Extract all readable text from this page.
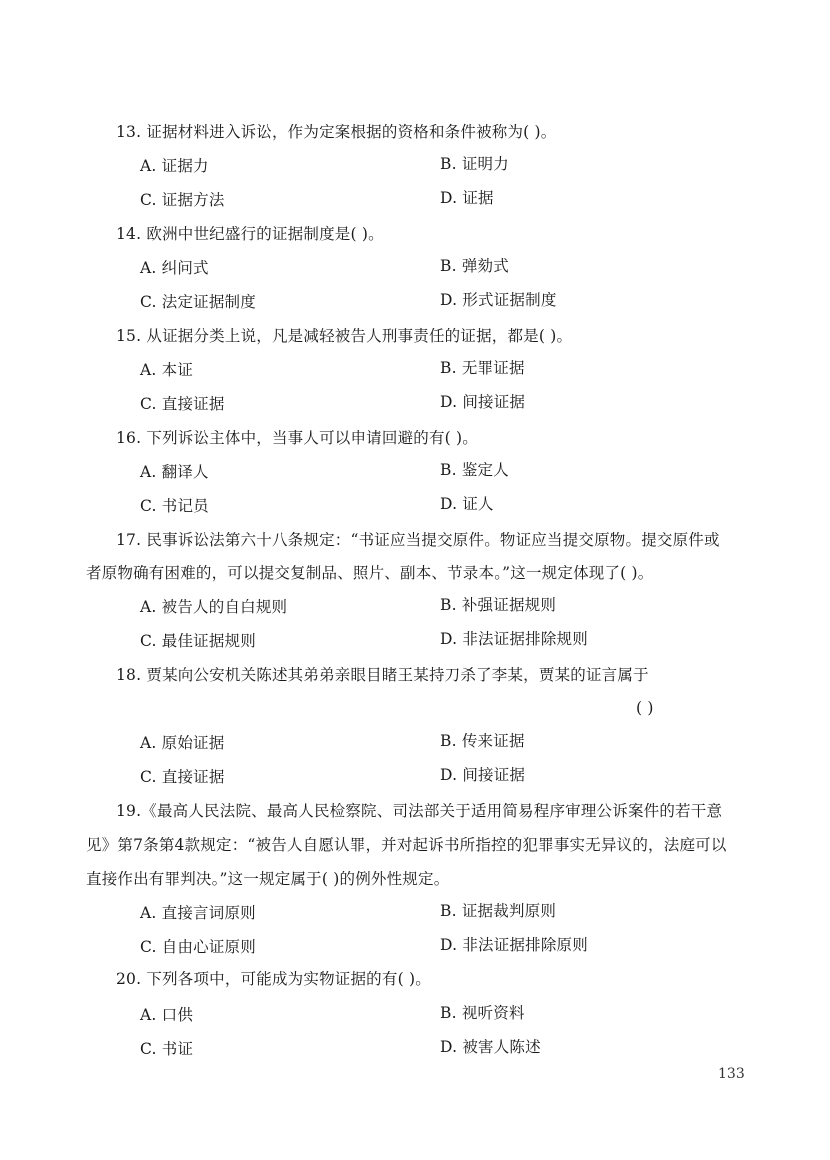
13. 证据材料进入诉讼，作为定案根据的资格和条件被称为( )。
A. 证据力	B. 证明力
C. 证据方法	D. 证据
14. 欧洲中世纪盛行的证据制度是( )。
A. 纠问式	B. 弹劾式
C. 法定证据制度	D. 形式证据制度
15. 从证据分类上说，凡是减轻被告人刑事责任的证据，都是( )。
A. 本证	B. 无罪证据
C. 直接证据	D. 间接证据
16. 下列诉讼主体中，当事人可以申请回避的有( )。
A. 翻译人	B. 鉴定人
C. 书记员	D. 证人
17. 民事诉讼法第六十八条规定：“书证应当提交原件。物证应当提交原物。提交原件或
者原物确有困难的，可以提交复制品、照片、副本、节录本。”这一规定体现了( )。
A. 被告人的自白规则	B. 补强证据规则
C. 最佳证据规则	D. 非法证据排除规则
18. 贾某向公安机关陈述其弟弟亲眼目睹王某持刀杀了李某，贾某的证言属于
( )
A. 原始证据	B. 传来证据
C. 直接证据	D. 间接证据
19.《最高人民法院、最高人民检察院、司法部关于适用简易程序审理公诉案件的若干意
见》第7条第4款规定：“被告人自愿认罪，并对起诉书所指控的犯罪事实无异议的，法庭可以
直接作出有罪判决。”这一规定属于( )的例外性规定。
A. 直接言词原则	B. 证据裁判原则
C. 自由心证原则	D. 非法证据排除原则
20. 下列各项中，可能成为实物证据的有( )。
A. 口供	B. 视听资料
C. 书证	D. 被害人陈述
133
